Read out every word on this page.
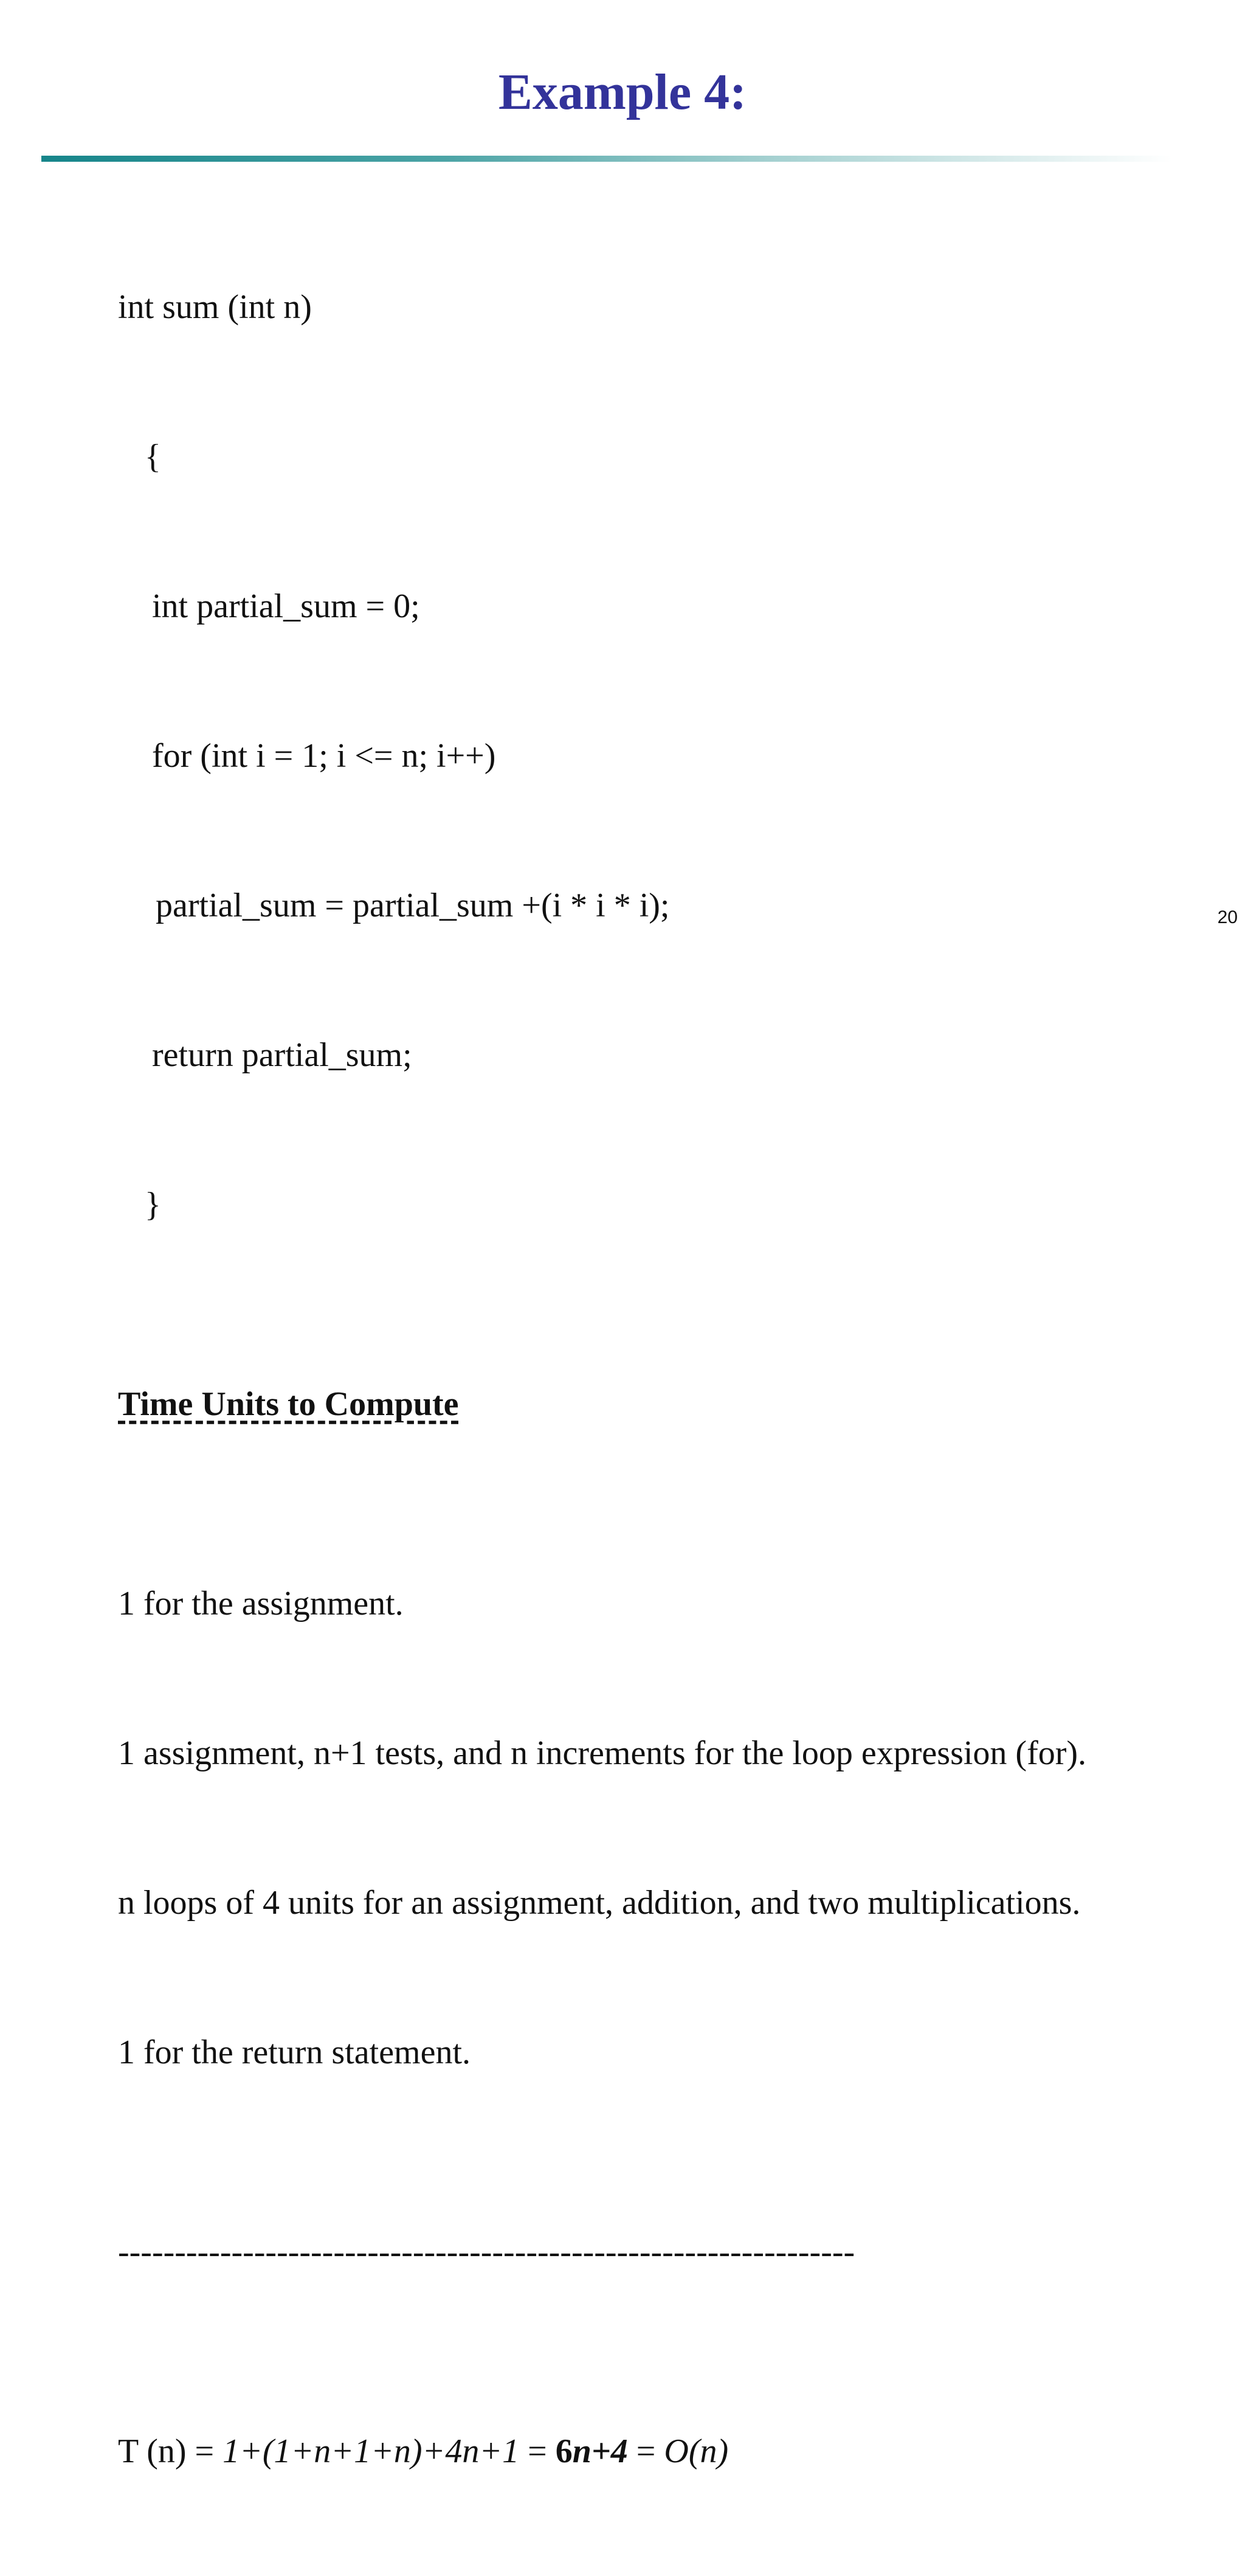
Example 4:

int sum (int n)

{

int partial_sum = 0;

for (int i = 1; i <= n; i++)

partial_sum = partial_sum +(i * i * i);

return partial_sum;

}

Time Units to Compute

1 for the assignment.

1 assignment, n+1 tests, and n increments for the loop expression (for).

n loops of 4 units for an assignment, addition, and two multiplications.

1 for the return statement.

-----------------------------------------------------------------

T (n) = 1+(1+n+1+n)+4n+1 = 6n+4 = O(n)

20
